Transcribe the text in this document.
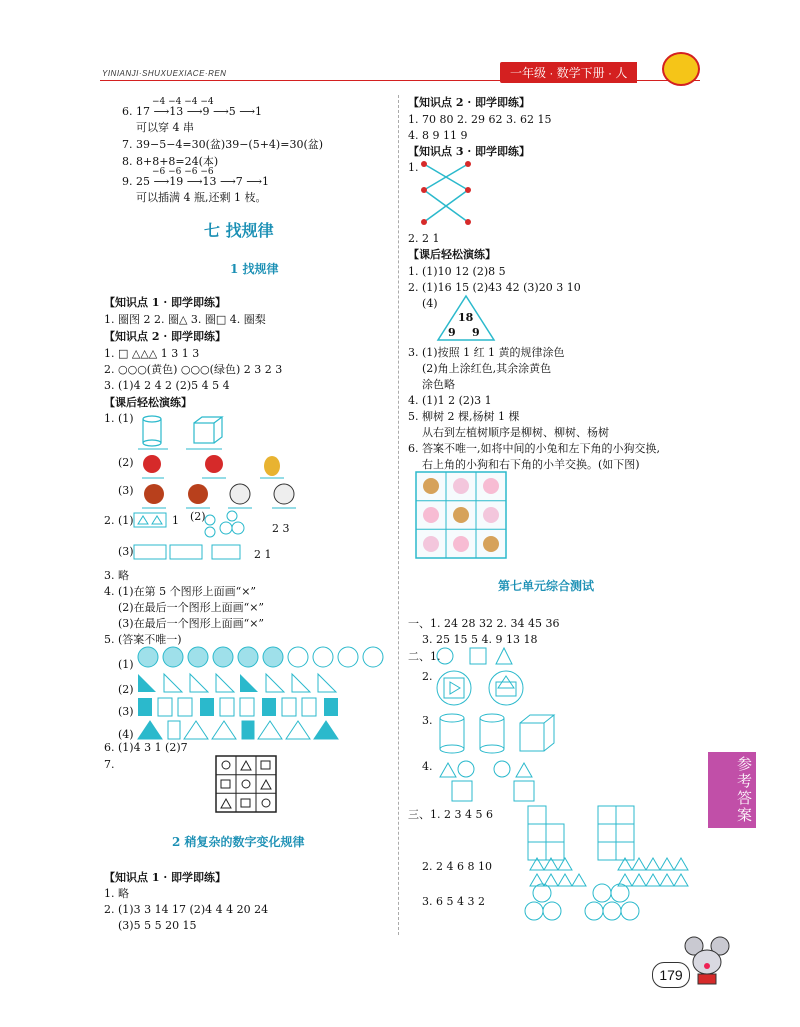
YINIANJI·SHUXUEXIACE·REN	一年级 · 数学下册 · 人
−4 −4 −4 −4
6. 17 ⟶13 ⟶9 ⟶5 ⟶1
可以穿 4 串
7. 39−5−4=30(盆)39−(5+4)=30(盆)
8. 8+8+8=24(本)
−6 −6 −6 −6
9. 25 ⟶19 ⟶13 ⟶7 ⟶1
可以插满 4 瓶,还剩 1 枝。
七 找规律
1 找规律
【知识点 1 · 即学即练】
1. 圈图 2 2. 圈△ 3. 圈□ 4. 圈梨
【知识点 2 · 即学即练】
1. □ △△△ 1 3 1 3
2. ○○○(黄色) ○○○(绿色) 2 3 2 3
3. (1)4 2 4 2 (2)5 4 5 4
【课后轻松演练】
1. (1)
(2)
(3)
2. (1)	1 (2)
2 3
(3)	2 1
3. 略
4. (1)在第 5 个图形上面画“×”
(2)在最后一个图形上面画“×”
(3)在最后一个图形上面画“×”
5. (答案不唯一)
(1)
(2)
(3)
(4)
6. (1)4 3 1 (2)7
7.
2 稍复杂的数字变化规律
【知识点 1 · 即学即练】
1. 略
2. (1)3 3 14 17 (2)4 4 4 20 24
(3)5 5 5 20 15
【知识点 2 · 即学即练】
1. 70 80 2. 29 62 3. 62 15
4. 8 9 11 9
【知识点 3 · 即学即练】
1.
2. 2 1
【课后轻松演练】
1. (1)10 12 (2)8 5
2. (1)16 15 (2)43 42 (3)20 3 10
(4)
18
9 9
3. (1)按照 1 红 1 黄的规律涂色
(2)角上涂红色,其余涂黄色
涂色略
4. (1)1 2 (2)3 1
5. 柳树 2 棵,杨树 1 棵
从右到左植树顺序是柳树、柳树、杨树
6. 答案不唯一,如将中间的小兔和左下角的小狗交换,
右上角的小狗和右下角的小羊交换。(如下图)
第七单元综合测试
一、1. 24 28 32 2. 34 45 36
3. 25 15 5 4. 9 13 18
二、1.
2.
3.
4.
三、1. 2 3 4 5 6
2. 2 4 6 8 10
3. 6 5 4 3 2
参考答案
179
